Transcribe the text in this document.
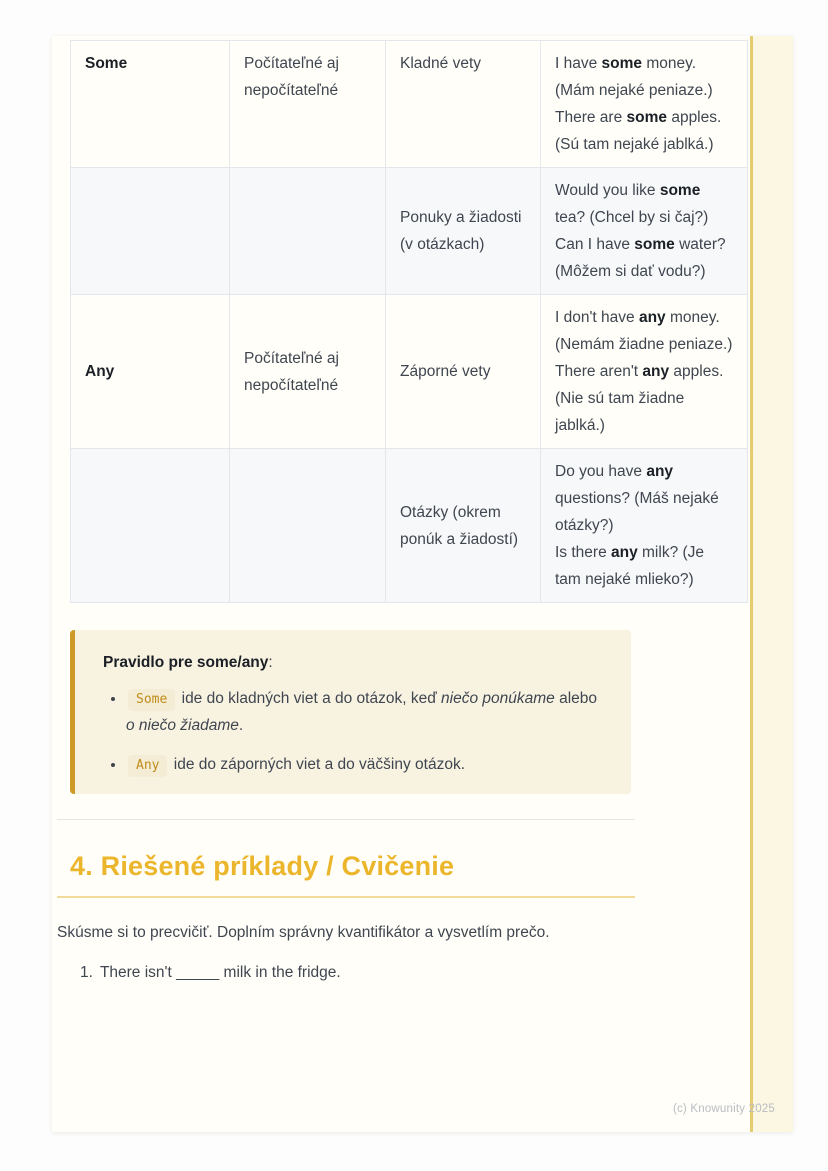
Some	Počítateľné aj nepočítateľné	Kladné vety	I have some money. (Mám nejaké peniaze.)
There are some apples. (Sú tam nejaké jablká.)
		Ponuky a žiadosti (v otázkach)	Would you like some tea? (Chcel by si čaj?)
Can I have some water? (Môžem si dať vodu?)
Any	Počítateľné aj nepočítateľné	Záporné vety	I don't have any money. (Nemám žiadne peniaze.)
There aren't any apples. (Nie sú tam žiadne jablká.)
		Otázky (okrem ponúk a žiadostí)	Do you have any questions? (Máš nejaké otázky?)
Is there any milk? (Je tam nejaké mlieko?)
Pravidlo pre some/any:
• Some ide do kladných viet a do otázok, keď niečo ponúkame alebo o niečo žiadame.
• Any ide do záporných viet a do väčšiny otázok.
4. Riešené príklady / Cvičenie

Skúsme si to precvičiť. Doplním správny kvantifikátor a vysvetlím prečo.

1. There isn't _____ milk in the fridge.
(c) Knowunity 2025
